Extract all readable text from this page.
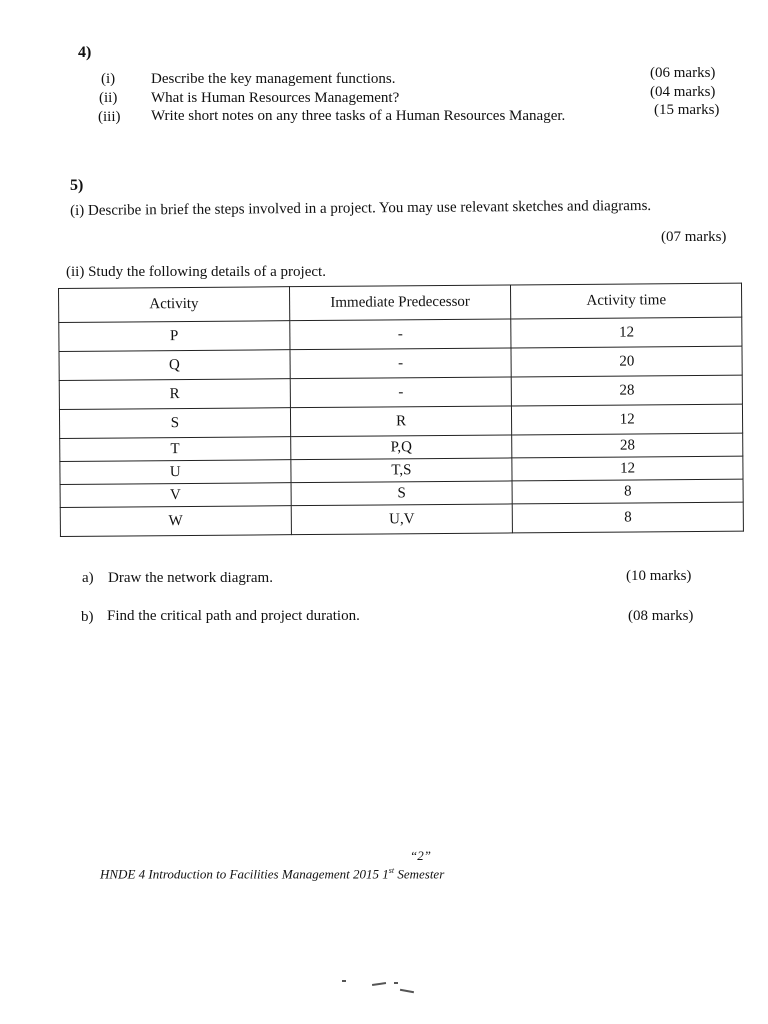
4)
(i) Describe the key management functions.	(06 marks)
(ii) What is Human Resources Management?	(04 marks)
(iii) Write short notes on any three tasks of a Human Resources Manager.	(15 marks)
5)
(i) Describe in brief the steps involved in a project. You may use relevant sketches and diagrams.
(07 marks)
(ii) Study the following details of a project.
Activity	Immediate Predecessor	Activity time
P	-	12
Q	-	20
R	-	28
S	R	12
T	P,Q	28
U	T,S	12
V	S	8
W	U,V	8
a) Draw the network diagram.	(10 marks)
b) Find the critical path and project duration.	(08 marks)
“2”
HNDE 4 Introduction to Facilities Management 2015 1st Semester
